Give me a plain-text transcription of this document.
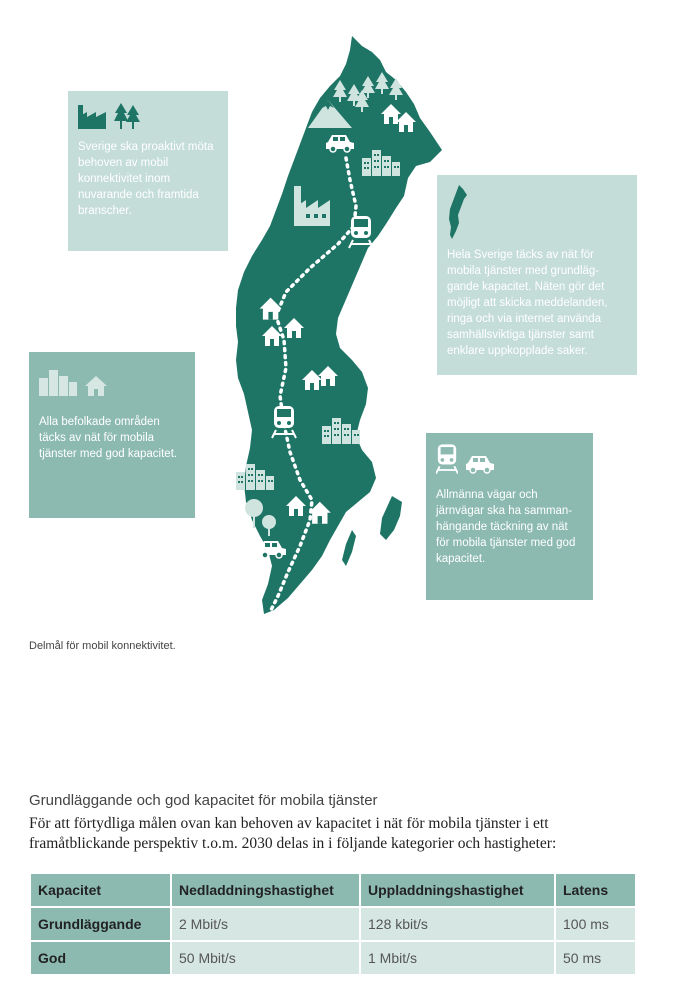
Sverige ska proaktivt möta behoven av mobil konnektivitet inom nuvarande och framtida branscher.

Hela Sverige täcks av nät för mobila tjänster med grundläg-gande kapacitet. Näten gör det möjligt att skicka meddelanden, ringa och via internet använda samhällsviktiga tjänster samt enklare uppkopplade saker.

Alla befolkade områden täcks av nät för mobila tjänster med god kapacitet.

Allmänna vägar och järnvägar ska ha samman-hängande täckning av nät för mobila tjänster med god kapacitet.

Delmål för mobil konnektivitet.
Grundläggande och god kapacitet för mobila tjänster
För att förtydliga målen ovan kan behoven av kapacitet i nät för mobila tjänster i ett framåtblickande perspektiv t.o.m. 2030 delas in i följande kategorier och hastigheter:
Kapacitet	Nedladdningshastighet	Uppladdningshastighet	Latens
Grundläggande	2 Mbit/s	128 kbit/s	100 ms
God	50 Mbit/s	1 Mbit/s	50 ms
